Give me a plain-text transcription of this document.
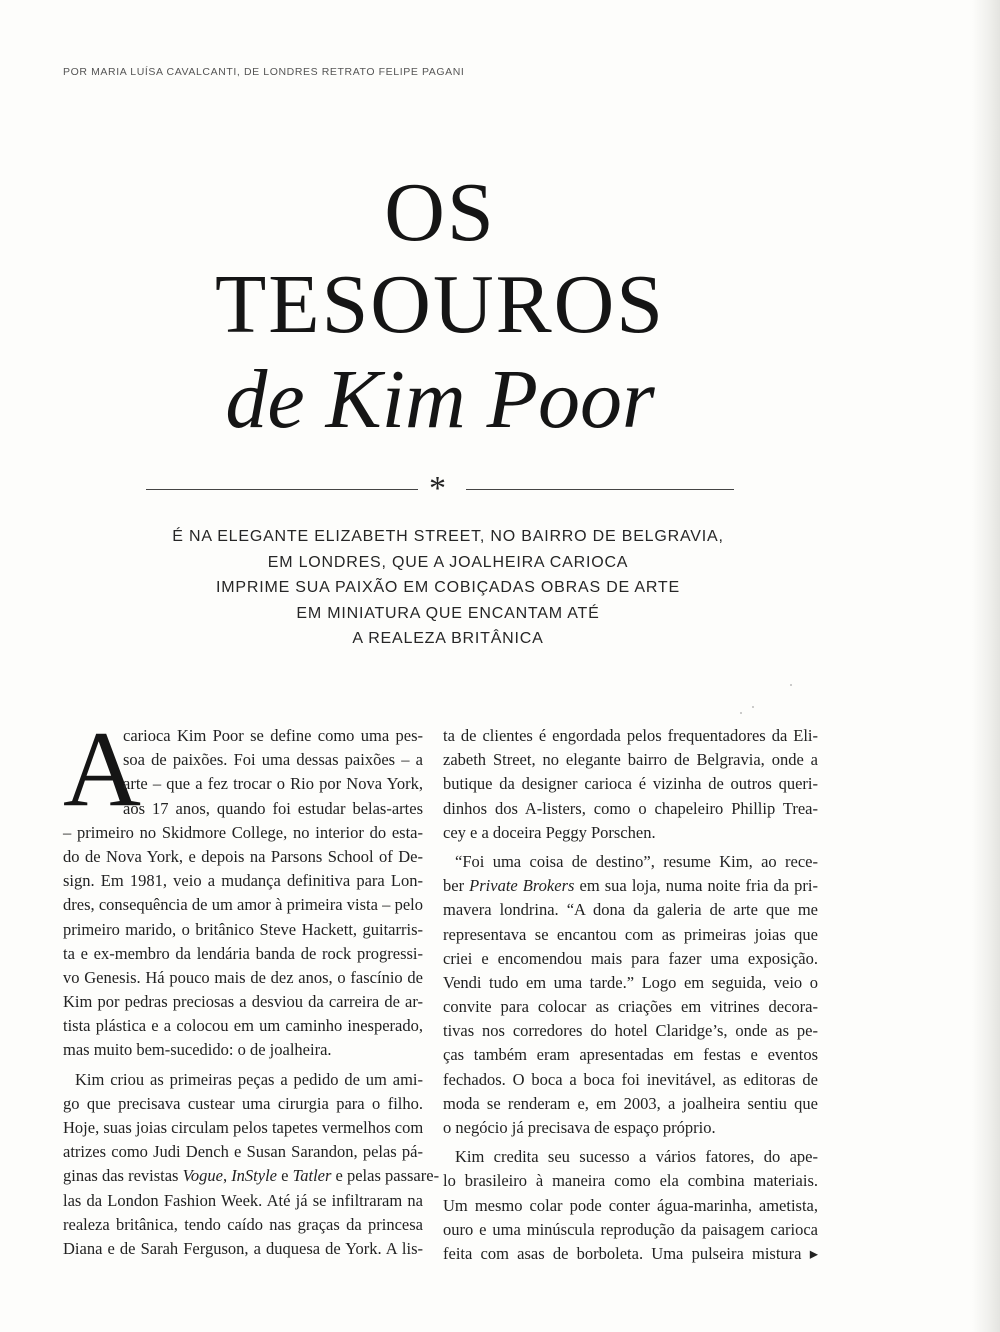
POR MARIA LUÍSA CAVALCANTI, DE LONDRES RETRATO FELIPE PAGANI
OS
TESOUROS
de Kim Poor
*
É NA ELEGANTE ELIZABETH STREET, NO BAIRRO DE BELGRAVIA,
EM LONDRES, QUE A JOALHEIRA CARIOCA
IMPRIME SUA PAIXÃO EM COBIÇADAS OBRAS DE ARTE
EM MINIATURA QUE ENCANTAM ATÉ
A REALEZA BRITÂNICA
A
carioca Kim Poor se define como uma pes-
soa de paixões. Foi uma dessas paixões – a
arte – que a fez trocar o Rio por Nova York,
aos 17 anos, quando foi estudar belas-artes
– primeiro no Skidmore College, no interior do esta-
do de Nova York, e depois na Parsons School of De-
sign. Em 1981, veio a mudança definitiva para Lon-
dres, consequência de um amor à primeira vista – pelo
primeiro marido, o britânico Steve Hackett, guitarris-
ta e ex-membro da lendária banda de rock progressi-
vo Genesis. Há pouco mais de dez anos, o fascínio de
Kim por pedras preciosas a desviou da carreira de ar-
tista plástica e a colocou em um caminho inesperado,
mas muito bem-sucedido: o de joalheira.
Kim criou as primeiras peças a pedido de um ami-
go que precisava custear uma cirurgia para o filho.
Hoje, suas joias circulam pelos tapetes vermelhos com
atrizes como Judi Dench e Susan Sarandon, pelas pá-
ginas das revistas Vogue, InStyle e Tatler e pelas passare-
las da London Fashion Week. Até já se infiltraram na
realeza britânica, tendo caído nas graças da princesa
Diana e de Sarah Ferguson, a duquesa de York. A lis-
ta de clientes é engordada pelos frequentadores da Eli-
zabeth Street, no elegante bairro de Belgravia, onde a
butique da designer carioca é vizinha de outros queri-
dinhos dos A-listers, como o chapeleiro Phillip Trea-
cey e a doceira Peggy Porschen.
“Foi uma coisa de destino”, resume Kim, ao rece-
ber Private Brokers em sua loja, numa noite fria da pri-
mavera londrina. “A dona da galeria de arte que me
representava se encantou com as primeiras joias que
criei e encomendou mais para fazer uma exposição.
Vendi tudo em uma tarde.” Logo em seguida, veio o
convite para colocar as criações em vitrines decora-
tivas nos corredores do hotel Claridge’s, onde as pe-
ças também eram apresentadas em festas e eventos
fechados. O boca a boca foi inevitável, as editoras de
moda se renderam e, em 2003, a joalheira sentiu que
o negócio já precisava de espaço próprio.
Kim credita seu sucesso a vários fatores, do ape-
lo brasileiro à maneira como ela combina materiais.
Um mesmo colar pode conter água-marinha, ametista,
ouro e uma minúscula reprodução da paisagem carioca
feita com asas de borboleta. Uma pulseira mistura ▸
